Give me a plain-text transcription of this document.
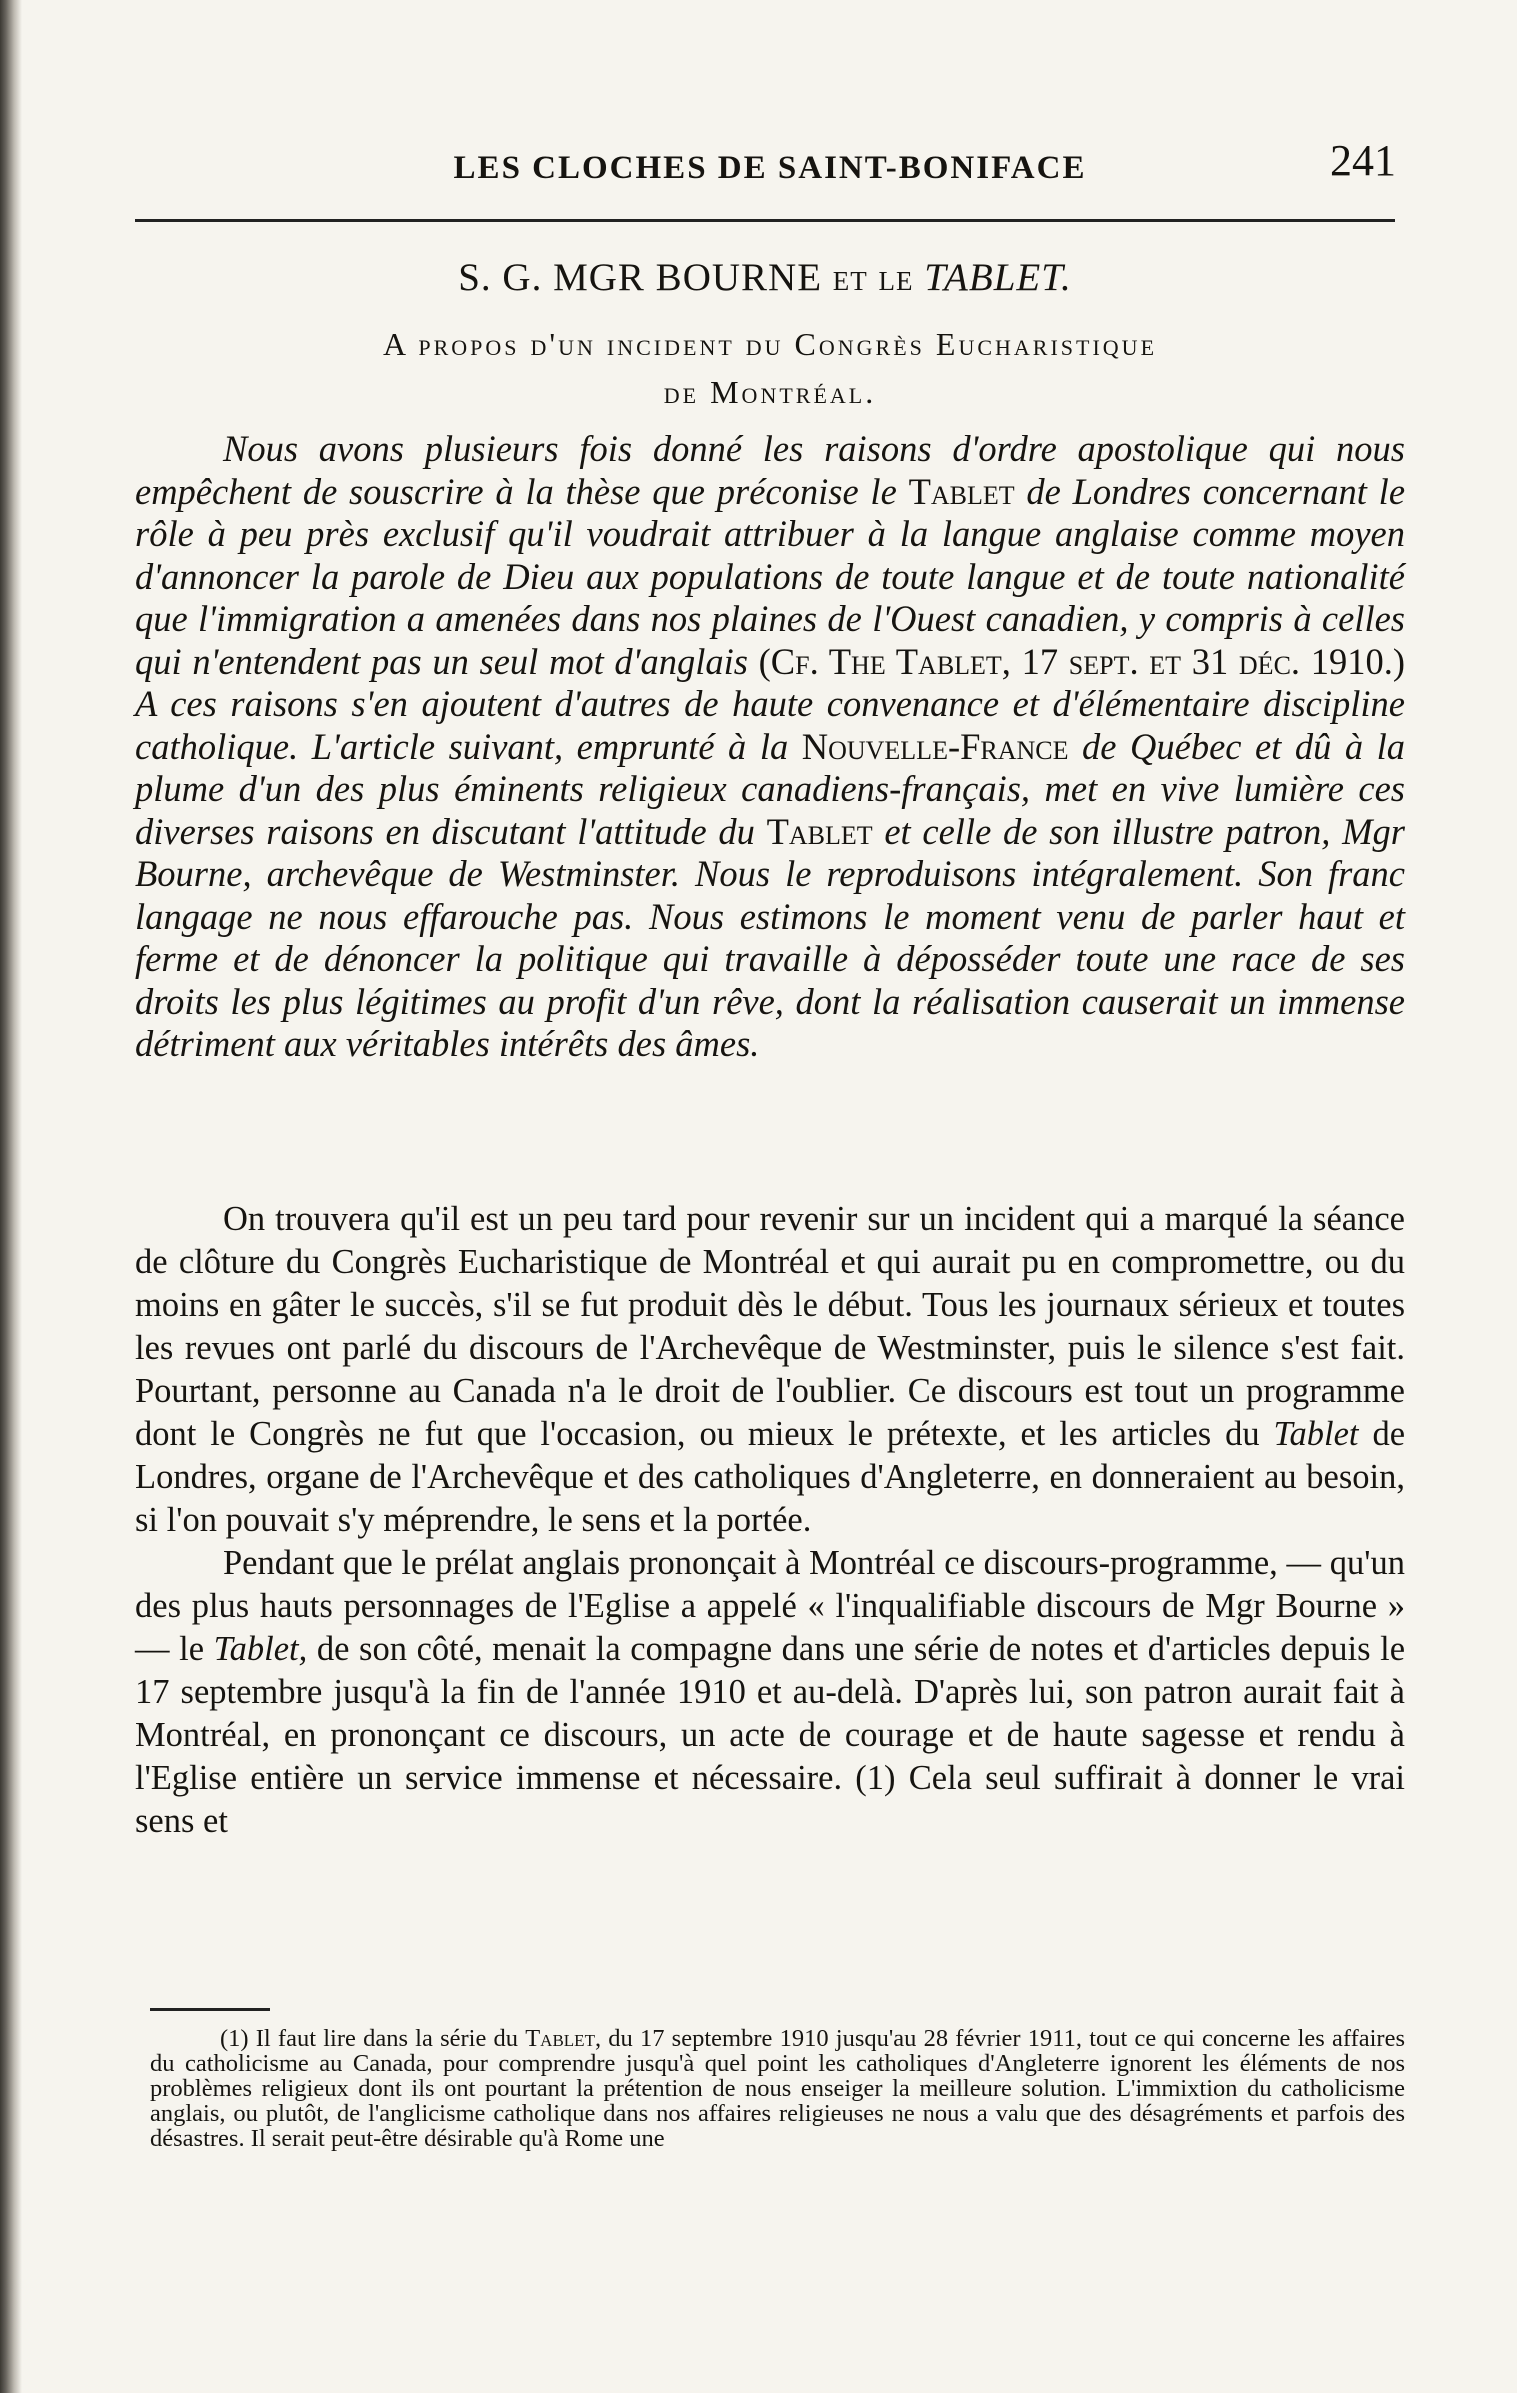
LES CLOCHES DE SAINT-BONIFACE	241
S. G. MGR BOURNE et le TABLET.
A propos d'un incident du Congrès Eucharistique
de Montréal.
Nous avons plusieurs fois donné les raisons d'ordre apostolique qui nous empêchent de souscrire à la thèse que préconise le Tablet de Londres concernant le rôle à peu près exclusif qu'il voudrait attribuer à la langue anglaise comme moyen d'annoncer la parole de Dieu aux populations de toute langue et de toute nationalité que l'immigration a amenées dans nos plaines de l'Ouest canadien, y compris à celles qui n'entendent pas un seul mot d'anglais (Cf. The Tablet, 17 sept. et 31 déc. 1910.) A ces raisons s'en ajoutent d'autres de haute convenance et d'élémentaire discipline catholique. L'article suivant, emprunté à la Nouvelle-France de Québec et dû à la plume d'un des plus éminents religieux canadiens-français, met en vive lumière ces diverses raisons en discutant l'attitude du Tablet et celle de son illustre patron, Mgr Bourne, archevêque de Westminster. Nous le reproduisons intégralement. Son franc langage ne nous effarouche pas. Nous estimons le moment venu de parler haut et ferme et de dénoncer la politique qui travaille à déposséder toute une race de ses droits les plus légitimes au profit d'un rêve, dont la réalisation causerait un immense détriment aux véritables intérêts des âmes.

On trouvera qu'il est un peu tard pour revenir sur un incident qui a marqué la séance de clôture du Congrès Eucharistique de Montréal et qui aurait pu en compromettre, ou du moins en gâter le succès, s'il se fut produit dès le début. Tous les journaux sérieux et toutes les revues ont parlé du discours de l'Archevêque de Westminster, puis le silence s'est fait. Pourtant, personne au Canada n'a le droit de l'oublier. Ce discours est tout un programme dont le Congrès ne fut que l'occasion, ou mieux le prétexte, et les articles du Tablet de Londres, organe de l'Archevêque et des catholiques d'Angleterre, en donneraient au besoin, si l'on pouvait s'y méprendre, le sens et la portée.

Pendant que le prélat anglais prononçait à Montréal ce discours-programme, — qu'un des plus hauts personnages de l'Eglise a appelé « l'inqualifiable discours de Mgr Bourne » — le Tablet, de son côté, menait la compagne dans une série de notes et d'articles depuis le 17 septembre jusqu'à la fin de l'année 1910 et au-delà. D'après lui, son patron aurait fait à Montréal, en prononçant ce discours, un acte de courage et de haute sagesse et rendu à l'Eglise entière un service immense et nécessaire. (1) Cela seul suffirait à donner le vrai sens et

(1) Il faut lire dans la série du Tablet, du 17 septembre 1910 jusqu'au 28 février 1911, tout ce qui concerne les affaires du catholicisme au Canada, pour comprendre jusqu'à quel point les catholiques d'Angleterre ignorent les éléments de nos problèmes religieux dont ils ont pourtant la prétention de nous enseiger la meilleure solution. L'immixtion du catholicisme anglais, ou plutôt, de l'anglicisme catholique dans nos affaires religieuses ne nous a valu que des désagréments et parfois des désastres. Il serait peut-être désirable qu'à Rome une
